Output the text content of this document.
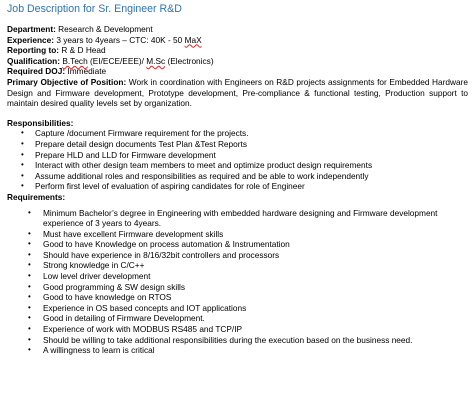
Job Description for Sr. Engineer R&D
Department: Research & Development
Experience: 3 years to 4years – CTC: 40K - 50 MaX
Reporting to: R & D Head
Qualification: B.Tech (EI/ECE/EEE)/ M.Sc (Electronics)
Required DOJ: Immediate
Primary Objective of Position: Work in coordination with Engineers on R&D projects assignments for Embedded Hardware Design and Firmware development, Prototype development, Pre-compliance & functional testing, Production support to maintain desired quality levels set by organization.
Responsibilities:
• Capture /document Firmware requirement for the projects.
• Prepare detail design documents Test Plan &Test Reports
• Prepare HLD and LLD for Firmware development
• Interact with other design team members to meet and optimize product design requirements
• Assume additional roles and responsibilities as required and be able to work independently
• Perform first level of evaluation of aspiring candidates for role of Engineer
Requirements:
• Minimum Bachelor’s degree in Engineering with embedded hardware designing and Firmware development experience of 3 years to 4years.
• Must have excellent Firmware development skills
• Good to have Knowledge on process automation & Instrumentation
• Should have experience in 8/16/32bit controllers and processors
• Strong knowledge in C/C++
• Low level driver development
• Good programming & SW design skills
• Good to have knowledge on RTOS
• Experience in OS based concepts and IOT applications
• Good in detailing of Firmware Development.
• Experience of work with MODBUS RS485 and TCP/IP
• Should be willing to take additional responsibilities during the execution based on the business need.
• A willingness to learn is critical
